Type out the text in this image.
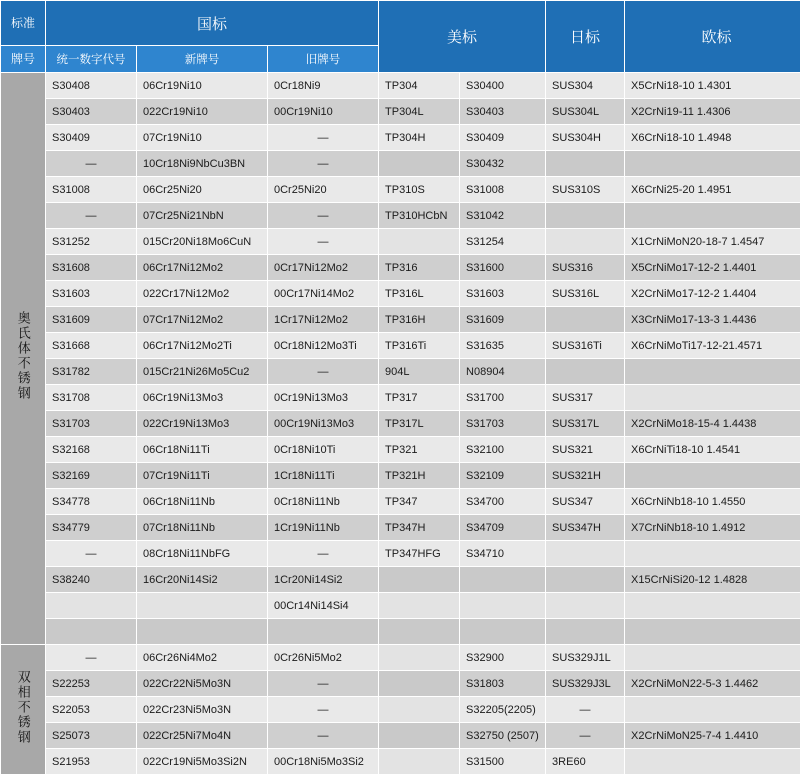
标准	国标			美标		日标	欧标
牌号	统一数字代号	新牌号	旧牌号				
奥氏体不锈钢	S30408	06Cr19Ni10	0Cr18Ni9	TP304	S30400	SUS304	X5CrNi18-10 1.4301
	S30403	022Cr19Ni10	00Cr19Ni10	TP304L	S30403	SUS304L	X2CrNi19-11 1.4306
	S30409	07Cr19Ni10	—	TP304H	S30409	SUS304H	X6CrNi18-10 1.4948
	—	10Cr18Ni9NbCu3BN	—		S30432		
	S31008	06Cr25Ni20	0Cr25Ni20	TP310S	S31008	SUS310S	X6CrNi25-20 1.4951
	—	07Cr25Ni21NbN	—	TP310HCbN	S31042		
	S31252	015Cr20Ni18Mo6CuN	—		S31254		X1CrNiMoN20-18-7 1.4547
	S31608	06Cr17Ni12Mo2	0Cr17Ni12Mo2	TP316	S31600	SUS316	X5CrNiMo17-12-2 1.4401
	S31603	022Cr17Ni12Mo2	00Cr17Ni14Mo2	TP316L	S31603	SUS316L	X2CrNiMo17-12-2 1.4404
	S31609	07Cr17Ni12Mo2	1Cr17Ni12Mo2	TP316H	S31609		X3CrNiMo17-13-3 1.4436
	S31668	06Cr17Ni12Mo2Ti	0Cr18Ni12Mo3Ti	TP316Ti	S31635	SUS316Ti	X6CrNiMoTi17-12-21.4571
	S31782	015Cr21Ni26Mo5Cu2	—	904L	N08904		
	S31708	06Cr19Ni13Mo3	0Cr19Ni13Mo3	TP317	S31700	SUS317	
	S31703	022Cr19Ni13Mo3	00Cr19Ni13Mo3	TP317L	S31703	SUS317L	X2CrNiMo18-15-4 1.4438
	S32168	06Cr18Ni11Ti	0Cr18Ni10Ti	TP321	S32100	SUS321	X6CrNiTi18-10 1.4541
	S32169	07Cr19Ni11Ti	1Cr18Ni11Ti	TP321H	S32109	SUS321H	
	S34778	06Cr18Ni11Nb	0Cr18Ni11Nb	TP347	S34700	SUS347	X6CrNiNb18-10 1.4550
	S34779	07Cr18Ni11Nb	1Cr19Ni11Nb	TP347H	S34709	SUS347H	X7CrNiNb18-10 1.4912
	—	08Cr18Ni11NbFG	—	TP347HFG	S34710		
	S38240	16Cr20Ni14Si2	1Cr20Ni14Si2				X15CrNiSi20-12 1.4828
			00Cr14Ni14Si4				

双相不锈钢	—	06Cr26Ni4Mo2	0Cr26Ni5Mo2		S32900	SUS329J1L	
	S22253	022Cr22Ni5Mo3N	—		S31803	SUS329J3L	X2CrNiMoN22-5-3 1.4462
	S22053	022Cr23Ni5Mo3N	—		S32205(2205)	—	
	S25073	022Cr25Ni7Mo4N	—		S32750 (2507)	—	X2CrNiMoN25-7-4 1.4410
	S21953	022Cr19Ni5Mo3Si2N	00Cr18Ni5Mo3Si2		S31500	3RE60	
